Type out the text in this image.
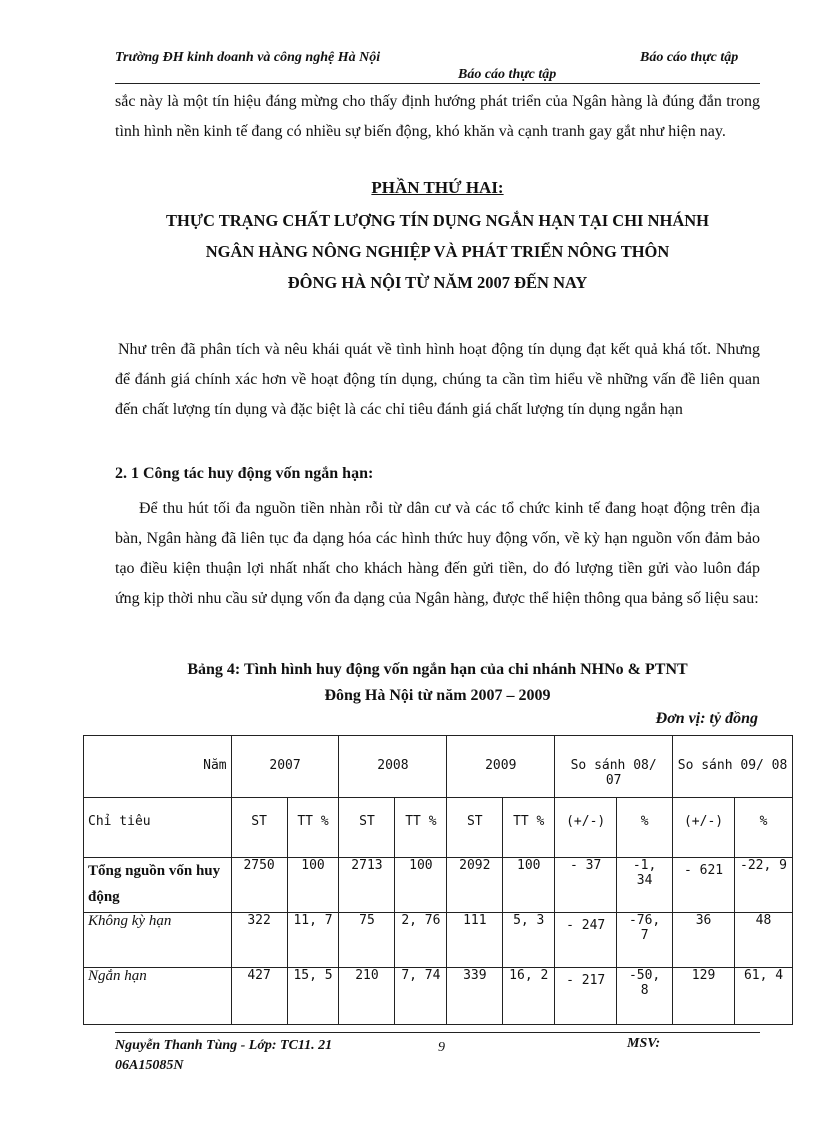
Trường ĐH kinh doanh và công nghệ Hà Nội	Báo cáo thực tập
Báo cáo thực tập
sắc này là một tín hiệu đáng mừng cho thấy định hướng phát triển của Ngân hàng là đúng đắn trong tình hình nền kinh tế đang có nhiều sự biến động, khó khăn và cạnh tranh gay gắt như hiện nay.
PHẦN THỨ HAI:
THỰC TRẠNG CHẤT LƯỢNG TÍN DỤNG NGẮN HẠN TẠI CHI NHÁNH
NGÂN HÀNG NÔNG NGHIỆP VÀ PHÁT TRIỂN NÔNG THÔN
ĐÔNG HÀ NỘI TỪ NĂM 2007 ĐẾN NAY
Như trên đã phân tích và nêu khái quát về tình hình hoạt động tín dụng đạt kết quả khá tốt. Nhưng để đánh giá chính xác hơn về hoạt động tín dụng, chúng ta cần tìm hiểu về những vấn đề liên quan đến chất lượng tín dụng và đặc biệt là các chỉ tiêu đánh giá chất lượng tín dụng ngắn hạn
2. 1 Công tác huy động vốn ngắn hạn:
Để thu hút tối đa nguồn tiền nhàn rỗi từ dân cư và các tổ chức kinh tế đang hoạt động trên địa bàn, Ngân hàng đã liên tục đa dạng hóa các hình thức huy động vốn, về kỳ hạn nguồn vốn đảm bảo tạo điều kiện thuận lợi nhất nhất cho khách hàng đến gửi tiền, do đó lượng tiền gửi vào luôn đáp ứng kịp thời nhu cầu sử dụng vốn đa dạng của Ngân hàng, được thể hiện thông qua bảng số liệu sau:
Bảng 4: Tình hình huy động vốn ngắn hạn của chi nhánh NHNo & PTNT
Đông Hà Nội từ năm 2007 – 2009
Đơn vị: tỷ đồng
Năm	2007		2008		2009		So sánh 08/ 07		So sánh 09/ 08	
Chỉ tiêu	ST	TT %	ST	TT %	ST	TT %	(+/-)	%	(+/-)	%
Tổng nguồn vốn huy động	2750	100	2713	100	2092	100	- 37	-1, 34	- 621	-22, 9
Không kỳ hạn	322	11, 7	75	2, 76	111	5, 3	- 247	-76, 7	36	48
Ngắn hạn	427	15, 5	210	7, 74	339	16, 2	- 217	-50, 8	129	61, 4
Nguyễn Thanh Tùng - Lớp: TC11. 21
06A15085N
9	MSV:
